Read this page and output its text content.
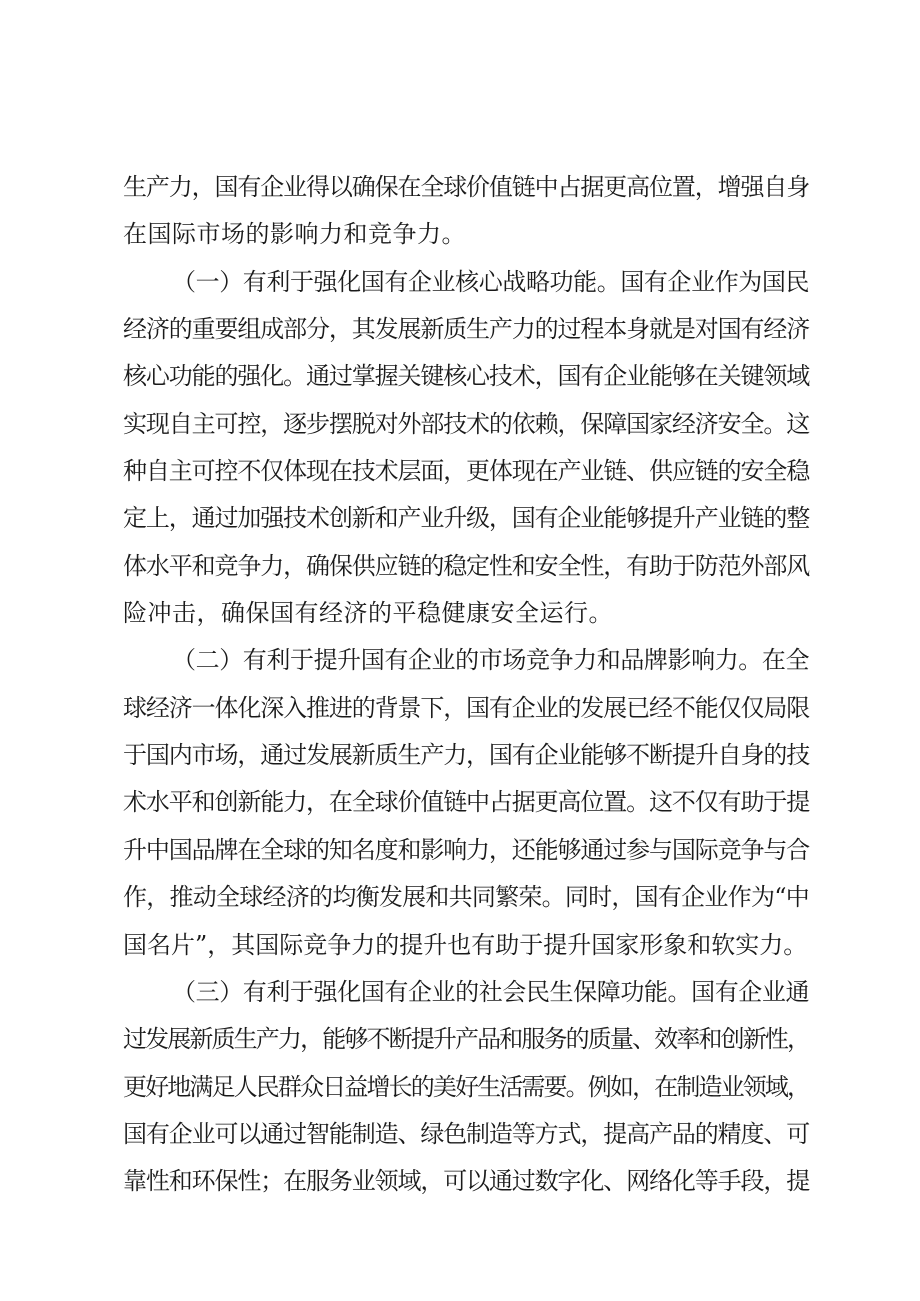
生产力，国有企业得以确保在全球价值链中占据更高位置，增强自身
在国际市场的影响力和竞争力。
（一）有利于强化国有企业核心战略功能。国有企业作为国民
经济的重要组成部分，其发展新质生产力的过程本身就是对国有经济
核心功能的强化。通过掌握关键核心技术，国有企业能够在关键领域
实现自主可控，逐步摆脱对外部技术的依赖，保障国家经济安全。这
种自主可控不仅体现在技术层面，更体现在产业链、供应链的安全稳
定上，通过加强技术创新和产业升级，国有企业能够提升产业链的整
体水平和竞争力，确保供应链的稳定性和安全性，有助于防范外部风
险冲击，确保国有经济的平稳健康安全运行。
（二）有利于提升国有企业的市场竞争力和品牌影响力。在全
球经济一体化深入推进的背景下，国有企业的发展已经不能仅仅局限
于国内市场，通过发展新质生产力，国有企业能够不断提升自身的技
术水平和创新能力，在全球价值链中占据更高位置。这不仅有助于提
升中国品牌在全球的知名度和影响力，还能够通过参与国际竞争与合
作，推动全球经济的均衡发展和共同繁荣。同时，国有企业作为“中
国名片”，其国际竞争力的提升也有助于提升国家形象和软实力。
（三）有利于强化国有企业的社会民生保障功能。国有企业通
过发展新质生产力，能够不断提升产品和服务的质量、效率和创新性，
更好地满足人民群众日益增长的美好生活需要。例如，在制造业领域，
国有企业可以通过智能制造、绿色制造等方式，提高产品的精度、可
靠性和环保性；在服务业领域，可以通过数字化、网络化等手段，提
